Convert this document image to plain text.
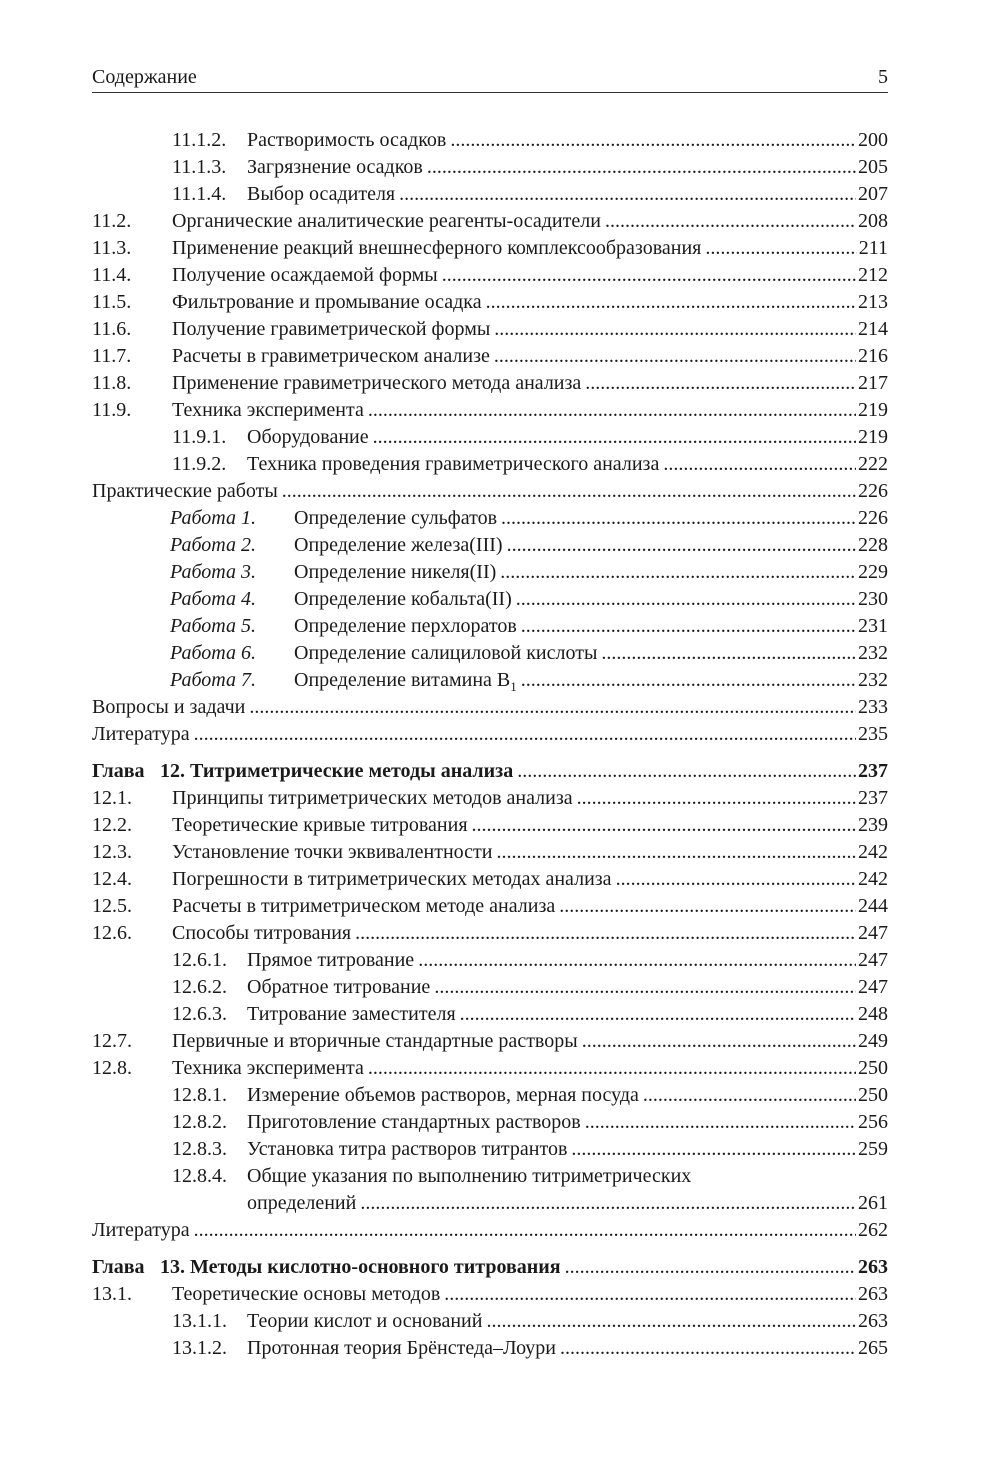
Содержание	5
11.1.2. Растворимость осадков .....	200
11.1.3. Загрязнение осадков .....	205
11.1.4. Выбор осадителя .....	207
11.2. Органические аналитические реагенты-осадители .....	208
11.3. Применение реакций внешнесферного комплексообразования .....	211
11.4. Получение осаждаемой формы .....	212
11.5. Фильтрование и промывание осадка .....	213
11.6. Получение гравиметрической формы .....	214
11.7. Расчеты в гравиметрическом анализе .....	216
11.8. Применение гравиметрического метода анализа .....	217
11.9. Техника эксперимента .....	219
11.9.1. Оборудование .....	219
11.9.2. Техника проведения гравиметрического анализа .....	222
Практические работы .....	226
Работа 1. Определение сульфатов .....	226
Работа 2. Определение железа(III) .....	228
Работа 3. Определение никеля(II) .....	229
Работа 4. Определение кобальта(II) .....	230
Работа 5. Определение перхлоратов .....	231
Работа 6. Определение салициловой кислоты .....	232
Работа 7. Определение витамина $B_1$ .....	232
Вопросы и задачи .....	233
Литература .....	235
Глава 12. Титриметрические методы анализа .....	237
12.1. Принципы титриметрических методов анализа .....	237
12.2. Теоретические кривые титрования .....	239
12.3. Установление точки эквивалентности .....	242
12.4. Погрешности в титриметрических методах анализа .....	242
12.5. Расчеты в титриметрическом методе анализа .....	244
12.6. Способы титрования .....	247
12.6.1. Прямое титрование .....	247
12.6.2. Обратное титрование .....	247
12.6.3. Титрование заместителя .....	248
12.7. Первичные и вторичные стандартные растворы .....	249
12.8. Техника эксперимента .....	250
12.8.1. Измерение объемов растворов, мерная посуда .....	250
12.8.2. Приготовление стандартных растворов .....	256
12.8.3. Установка титра растворов титрантов .....	259
12.8.4. Общие указания по выполнению титриметрических
определений .....	261
Литература .....	262
Глава 13. Методы кислотно-основного титрования .....	263
13.1. Теоретические основы методов .....	263
13.1.1. Теории кислот и оснований .....	263
13.1.2. Протонная теория Брёнстеда–Лоури .....	265
